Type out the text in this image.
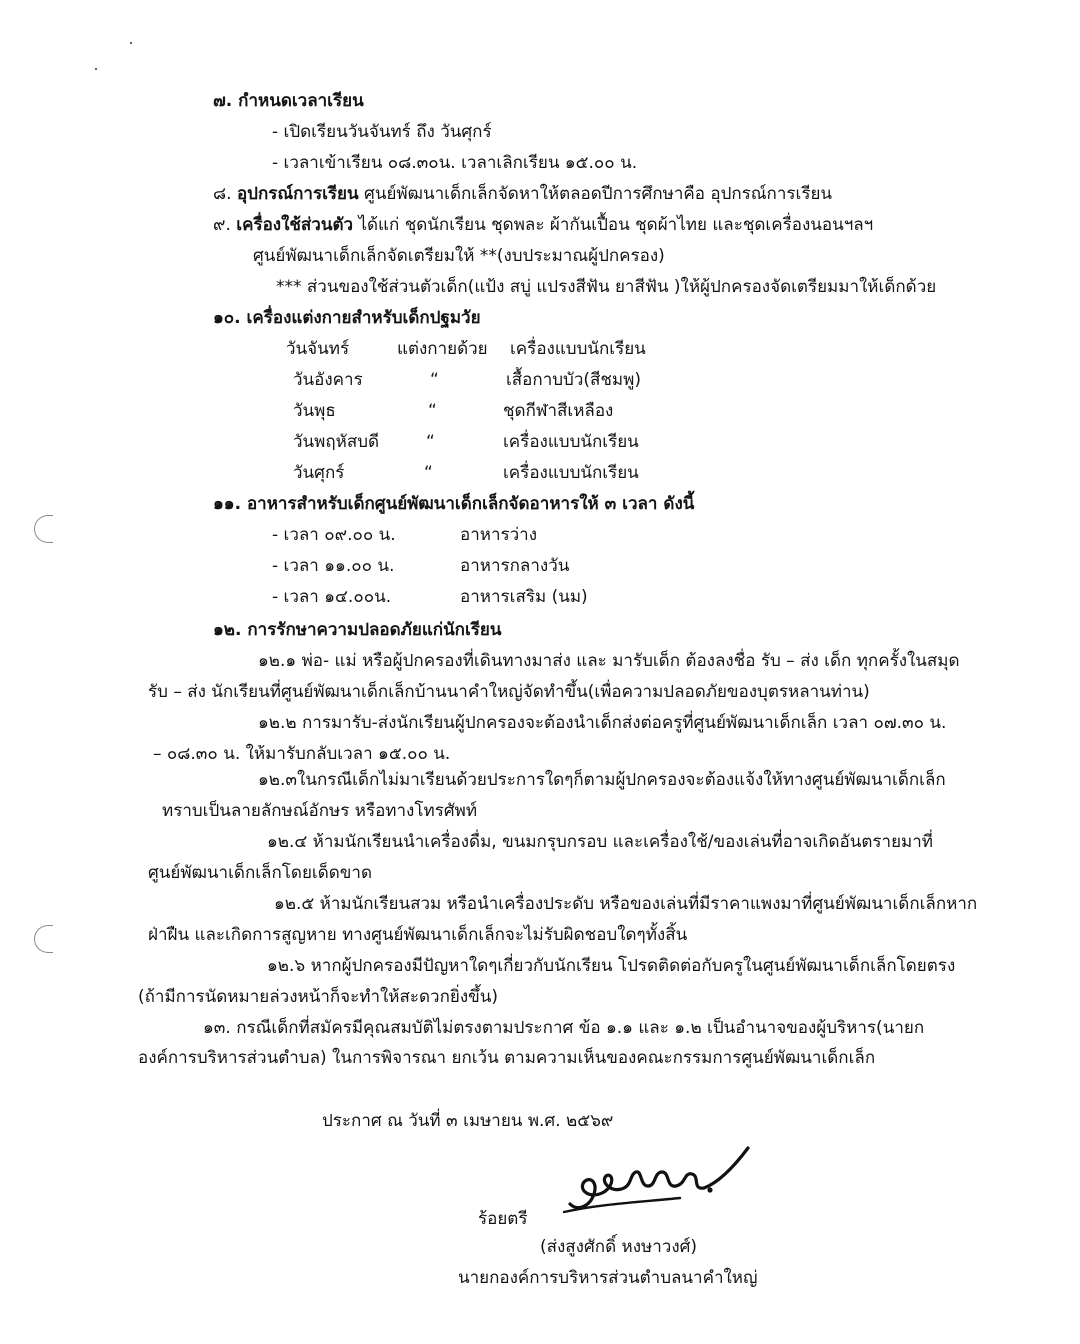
๗. กำหนดเวลาเรียน
- เปิดเรียนวันจันทร์ ถึง วันศุกร์
- เวลาเข้าเรียน ๐๘.๓๐น. เวลาเลิกเรียน ๑๕.๐๐ น.
๘. อุปกรณ์การเรียน ศูนย์พัฒนาเด็กเล็กจัดหาให้ตลอดปีการศึกษาคือ อุปกรณ์การเรียน
๙. เครื่องใช้ส่วนตัว ได้แก่ ชุดนักเรียน ชุดพละ ผ้ากันเปื้อน ชุดผ้าไทย และชุดเครื่องนอนฯลฯ
ศูนย์พัฒนาเด็กเล็กจัดเตรียมให้ **(งบประมาณผู้ปกครอง)
*** ส่วนของใช้ส่วนตัวเด็ก(แป้ง สบู่ แปรงสีฟัน ยาสีฟัน )ให้ผู้ปกครองจัดเตรียมมาให้เด็กด้วย
๑๐. เครื่องแต่งกายสำหรับเด็กปฐมวัย
วันจันทร์	แต่งกายด้วย เครื่องแบบนักเรียน
วันอังคาร	“	เสื้อกาบบัว(สีชมพู)
วันพุธ	“	ชุดกีฬาสีเหลือง
วันพฤหัสบดี	“	เครื่องแบบนักเรียน
วันศุกร์	“	เครื่องแบบนักเรียน
๑๑. อาหารสำหรับเด็กศูนย์พัฒนาเด็กเล็กจัดอาหารให้ ๓ เวลา ดังนี้
- เวลา ๐๙.๐๐ น.	อาหารว่าง
- เวลา ๑๑.๐๐ น.	อาหารกลางวัน
- เวลา ๑๔.๐๐น.	อาหารเสริม (นม)
๑๒. การรักษาความปลอดภัยแก่นักเรียน
๑๒.๑ พ่อ- แม่ หรือผู้ปกครองที่เดินทางมาส่ง และ มารับเด็ก ต้องลงชื่อ รับ – ส่ง เด็ก ทุกครั้งในสมุด
รับ – ส่ง นักเรียนที่ศูนย์พัฒนาเด็กเล็กบ้านนาคำใหญ่จัดทำขึ้น(เพื่อความปลอดภัยของบุตรหลานท่าน)
๑๒.๒ การมารับ-ส่งนักเรียนผู้ปกครองจะต้องนำเด็กส่งต่อครูที่ศูนย์พัฒนาเด็กเล็ก เวลา ๐๗.๓๐ น.
– ๐๘.๓๐ น. ให้มารับกลับเวลา ๑๕.๐๐ น.
๑๒.๓ในกรณีเด็กไม่มาเรียนด้วยประการใดๆก็ตามผู้ปกครองจะต้องแจ้งให้ทางศูนย์พัฒนาเด็กเล็ก
ทราบเป็นลายลักษณ์อักษร หรือทางโทรศัพท์
๑๒.๔ ห้ามนักเรียนนำเครื่องดื่ม, ขนมกรุบกรอบ และเครื่องใช้/ของเล่นที่อาจเกิดอันตรายมาที่
ศูนย์พัฒนาเด็กเล็กโดยเด็ดขาด
๑๒.๕ ห้ามนักเรียนสวม หรือนำเครื่องประดับ หรือของเล่นที่มีราคาแพงมาที่ศูนย์พัฒนาเด็กเล็กหาก
ฝ่าฝืน และเกิดการสูญหาย ทางศูนย์พัฒนาเด็กเล็กจะไม่รับผิดชอบใดๆทั้งสิ้น
๑๒.๖ หากผู้ปกครองมีปัญหาใดๆเกี่ยวกับนักเรียน โปรดติดต่อกับครูในศูนย์พัฒนาเด็กเล็กโดยตรง
(ถ้ามีการนัดหมายล่วงหน้าก็จะทำให้สะดวกยิ่งขึ้น)
๑๓. กรณีเด็กที่สมัครมีคุณสมบัติไม่ตรงตามประกาศ ข้อ ๑.๑ และ ๑.๒ เป็นอำนาจของผู้บริหาร(นายก
องค์การบริหารส่วนตำบล) ในการพิจารณา ยกเว้น ตามความเห็นของคณะกรรมการศูนย์พัฒนาเด็กเล็ก
ประกาศ ณ วันที่ ๓ เมษายน พ.ศ. ๒๕๖๙
ร้อยตรี
(ส่งสูงศักดิ์ หงษาวงศ์)
นายกองค์การบริหารส่วนตำบลนาคำใหญ่
